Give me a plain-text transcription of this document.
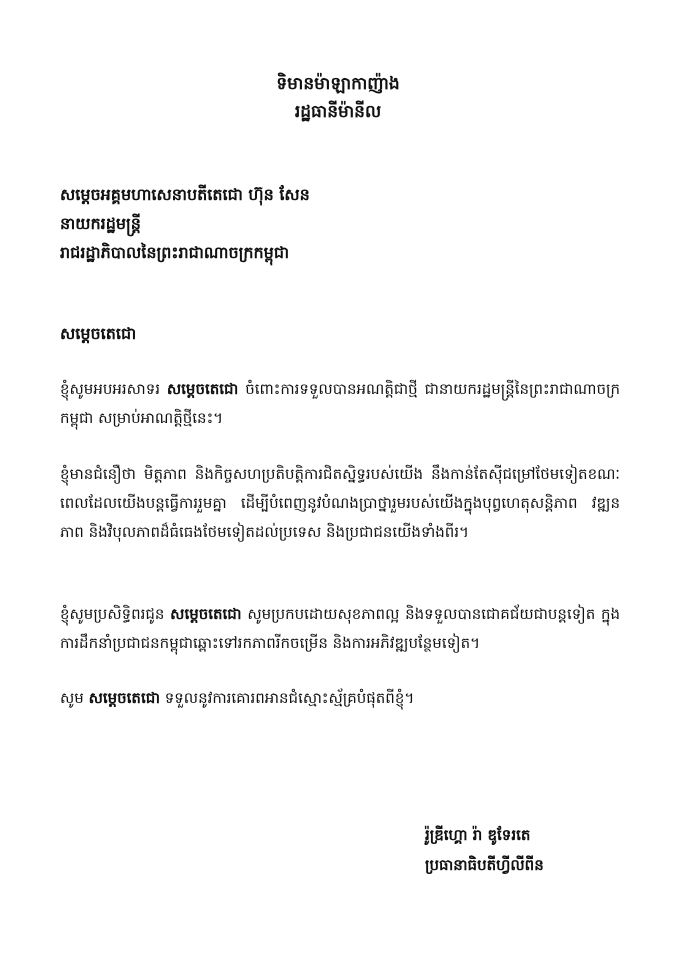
ទិមានម៉ាឡាកាញ៉ាង
រដ្ឋធានីម៉ានីល
សម្តេចអគ្គមហាសេនាបតីតេជោ ហ៊ុន សែន
នាយករដ្ឋមន្ត្រី
រាជរដ្ឋាភិបាលនៃព្រះរាជាណាចក្រកម្ពុជា
សម្តេចតេជោ

ខ្ញុំសូមអបអរសាទរ សម្តេចតេជោ ចំពោះការទទួលបានអណត្តិជាថ្មី ជានាយករដ្ឋមន្ត្រីនៃព្រះរាជាណាចក្រកម្ពុជា សម្រាប់អាណត្តិថ្មីនេះ។

ខ្ញុំមានជំនឿថា មិត្តភាព និងកិច្ចសហប្រតិបត្តិការជិតស្និទ្ធរបស់យើង នឹងកាន់តែស៊ីជម្រៅថែមទៀតខណៈពេលដែលយើងបន្តធ្វើការរួមគ្នា ដើម្បីបំពេញនូវបំណងប្រាថ្នារួមរបស់យើងក្នុងបុព្វហេតុសន្តិភាព វឌ្ឍនភាព និងវិបុលភាពដ៏ធំធេងថែមទៀតដល់ប្រទេស និងប្រជាជនយើងទាំងពីរ។

ខ្ញុំសូមប្រសិទ្ធិពរជូន សម្តេចតេជោ សូមប្រកបដោយសុខភាពល្អ និងទទួលបានជោគជ័យជាបន្តទៀត ក្នុងការដឹកនាំប្រជាជនកម្ពុជាឆ្ពោះទៅរកភាពរីកចម្រើន និងការអភិវឌ្ឍបន្ថែមទៀត។

សូម សម្តេចតេជោ ទទួលនូវការគោរពអានជំស្មោះស្ម័គ្រ​បំផុតពីខ្ញុំ។

រ៉ូឌ្រីហ្គោ រ៉ា ឌូទែរតេ
ប្រធានាធិបតីហ្វីលីពីន
